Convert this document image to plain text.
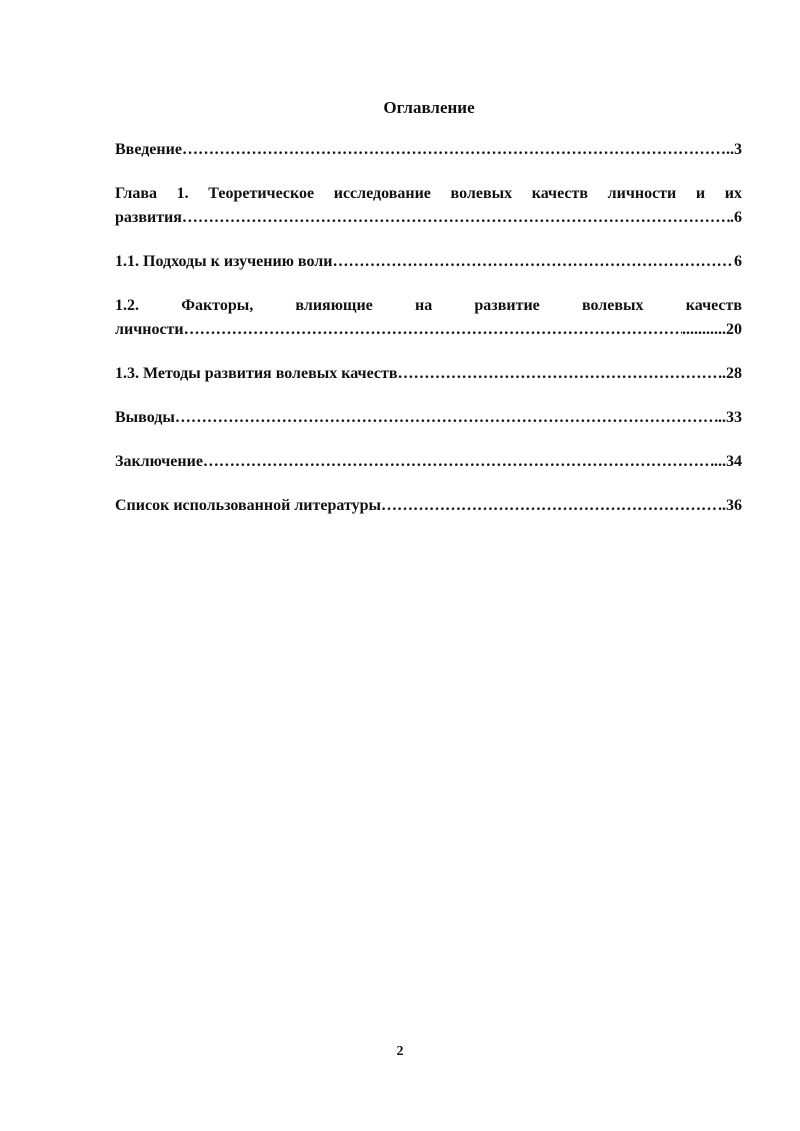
Оглавление
Введение ……………………………………………………………………………………………………………………………………………………………	.. 3
Глава 1. Теоретическое исследование волевых качеств личности и их
развития ……………………………………………………………………………………………………………………………………………………………	. 6
1.1. Подходы к изучению воли ……………………………………………………………………………………………………………………………………………………………	6
1.2. Факторы, влияющие на развитие волевых качеств
личности ……………………………………………………………………………………………………………………………………………………………	........... 20
1.3. Методы развития волевых качеств ……………………………………………………………………………………………………………………………………………………………	. 28
Выводы ……………………………………………………………………………………………………………………………………………………………	.. 33
Заключение ……………………………………………………………………………………………………………………………………………………………	... 34
Список использованной литературы ……………………………………………………………………………………………………………………………………………………………	.. 36
2
